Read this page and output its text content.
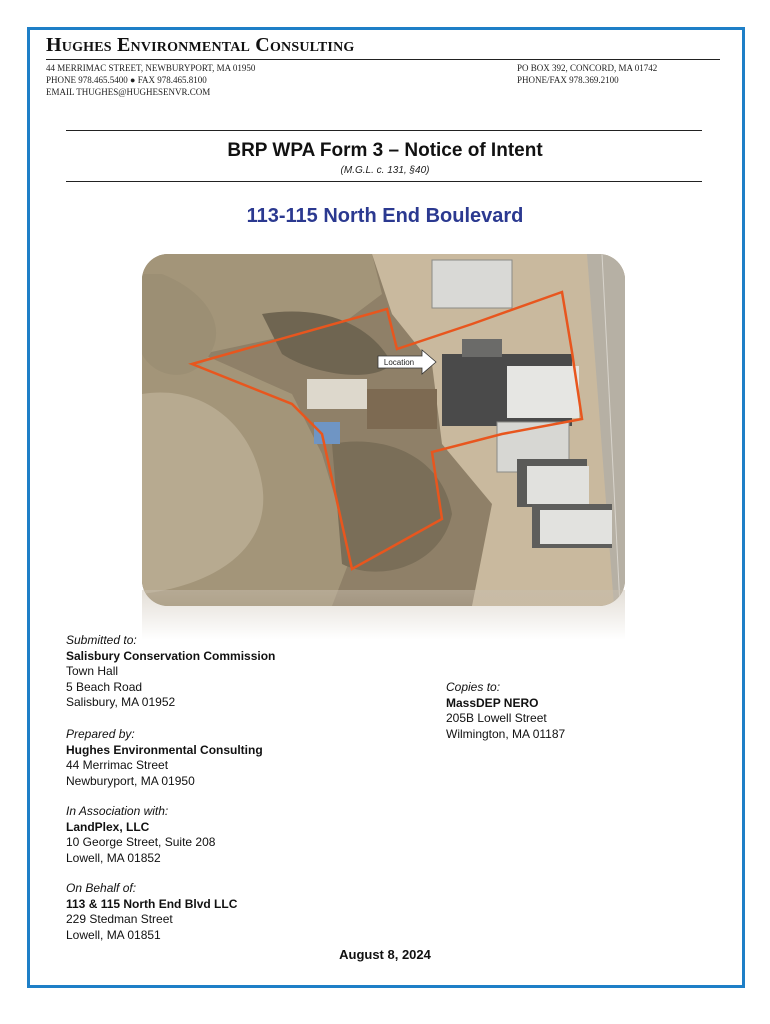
Hughes Environmental Consulting
44 MERRIMAC STREET, NEWBURYPORT, MA 01950
PHONE 978.465.5400 ● FAX 978.465.8100
EMAIL THUGHES@HUGHESENVR.COM
PO BOX 392, CONCORD, MA 01742
PHONE/FAX 978.369.2100
BRP WPA Form 3 – Notice of Intent
(M.G.L. c. 131, §40)
113-115 North End Boulevard
Location
Submitted to:
Salisbury Conservation Commission
Town Hall
5 Beach Road
Salisbury, MA 01952
Copies to:
MassDEP NERO
205B Lowell Street
Wilmington, MA 01187
Prepared by:
Hughes Environmental Consulting
44 Merrimac Street
Newburyport, MA 01950
In Association with:
LandPlex, LLC
10 George Street, Suite 208
Lowell, MA 01852
On Behalf of:
113 & 115 North End Blvd LLC
229 Stedman Street
Lowell, MA 01851
August 8, 2024
